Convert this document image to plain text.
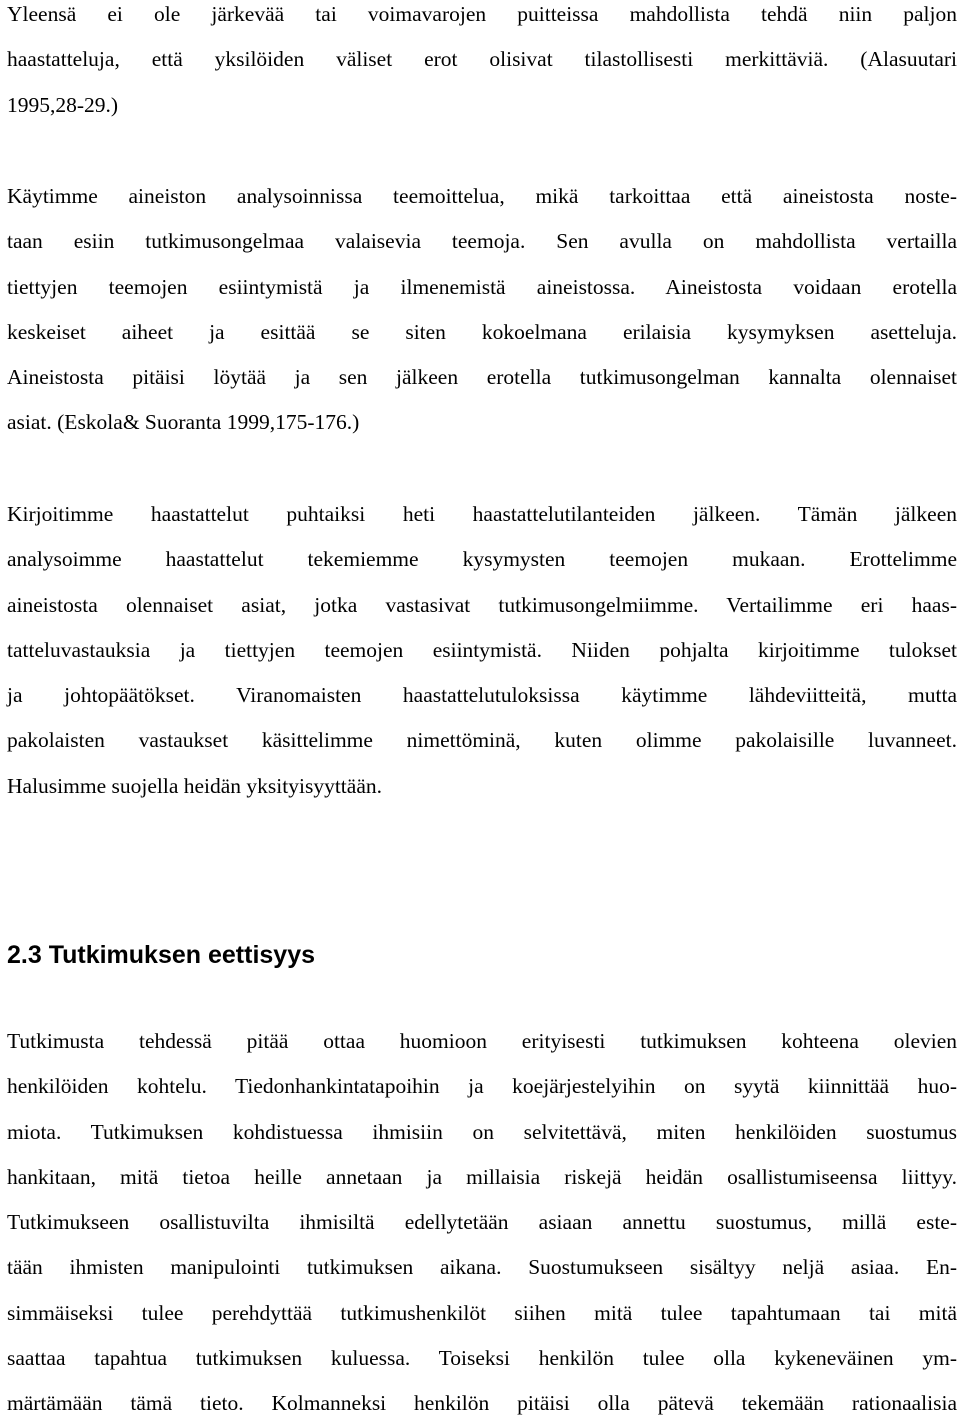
Yleensä ei ole järkevää tai voimavarojen puitteissa mahdollista tehdä niin paljon
haastatteluja, että yksilöiden väliset erot olisivat tilastollisesti merkittäviä. (Alasuutari
1995,28-29.)
Käytimme aineiston analysoinnissa teemoittelua, mikä tarkoittaa että aineistosta noste-
taan esiin tutkimusongelmaa valaisevia teemoja. Sen avulla on mahdollista vertailla
tiettyjen teemojen esiintymistä ja ilmenemistä aineistossa. Aineistosta voidaan erotella
keskeiset aiheet ja esittää se siten kokoelmana erilaisia kysymyksen asetteluja.
Aineistosta pitäisi löytää ja sen jälkeen erotella tutkimusongelman kannalta olennaiset
asiat. (Eskola& Suoranta 1999,175-176.)
Kirjoitimme haastattelut puhtaiksi heti haastattelutilanteiden jälkeen. Tämän jälkeen
analysoimme haastattelut tekemiemme kysymysten teemojen mukaan. Erottelimme
aineistosta olennaiset asiat, jotka vastasivat tutkimusongelmiimme. Vertailimme eri haas-
tatteluvastauksia ja tiettyjen teemojen esiintymistä. Niiden pohjalta kirjoitimme tulokset
ja johtopäätökset. Viranomaisten haastattelutuloksissa käytimme lähdeviitteitä, mutta
pakolaisten vastaukset käsittelimme nimettöminä, kuten olimme pakolaisille luvanneet.
Halusimme suojella heidän yksityisyyttään.
2.3 Tutkimuksen eettisyys
Tutkimusta tehdessä pitää ottaa huomioon erityisesti tutkimuksen kohteena olevien
henkilöiden kohtelu. Tiedonhankintatapoihin ja koejärjestelyihin on syytä kiinnittää huo-
miota. Tutkimuksen kohdistuessa ihmisiin on selvitettävä, miten henkilöiden suostumus
hankitaan, mitä tietoa heille annetaan ja millaisia riskejä heidän osallistumiseensa liittyy.
Tutkimukseen osallistuvilta ihmisiltä edellytetään asiaan annettu suostumus, millä este-
tään ihmisten manipulointi tutkimuksen aikana. Suostumukseen sisältyy neljä asiaa. En-
simmäiseksi tulee perehdyttää tutkimushenkilöt siihen mitä tulee tapahtumaan tai mitä
saattaa tapahtua tutkimuksen kuluessa. Toiseksi henkilön tulee olla kykeneväinen ym-
märtämään tämä tieto. Kolmanneksi henkilön pitäisi olla pätevä tekemään rationaalisia
